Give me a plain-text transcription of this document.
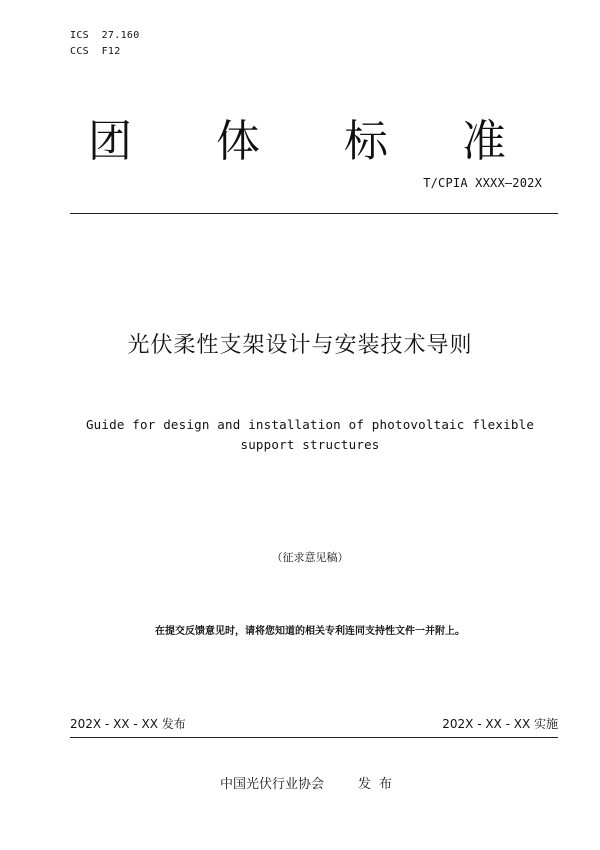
ICS  27.160
CCS  F12
团 体 标 准
T/CPIA XXXX—202X
光伏柔性支架设计与安装技术导则
Guide for design and installation of photovoltaic flexible support structures
（征求意见稿）
在提交反馈意见时，请将您知道的相关专利连同支持性文件一并附上。
202X - XX - XX 发布	202X - XX - XX 实施
中国光伏行业协会	发布
